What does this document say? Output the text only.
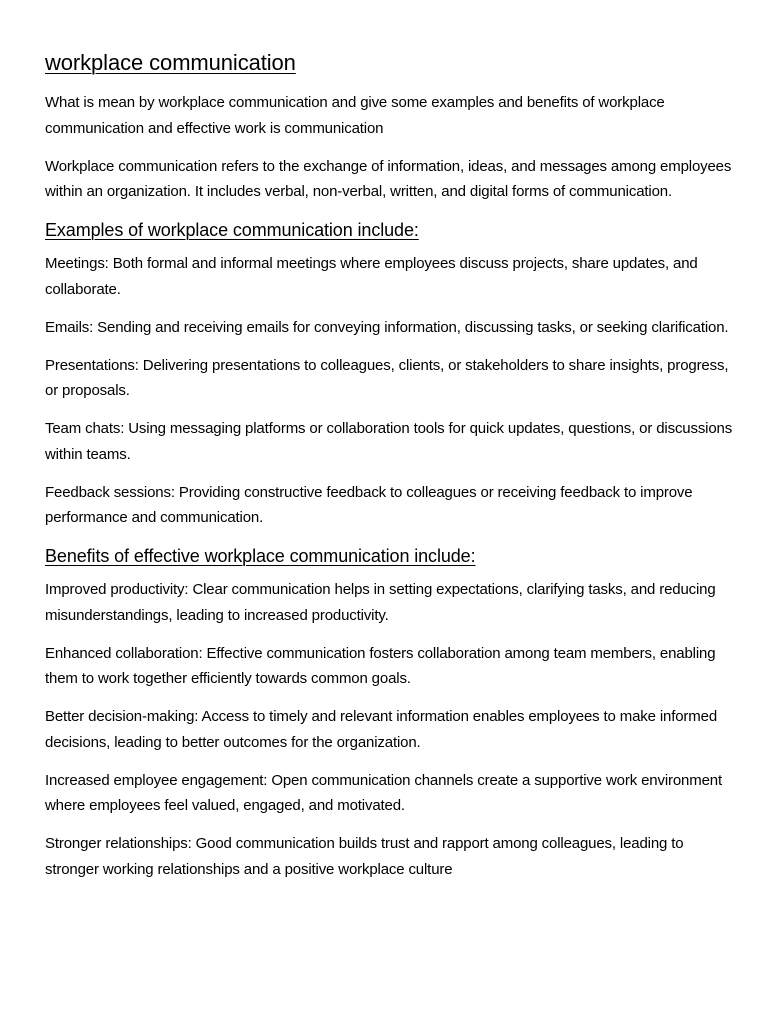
workplace communication

What is mean by workplace communication and give some examples and benefits of workplace communication and effective work is communication

Workplace communication refers to the exchange of information, ideas, and messages among employees within an organization. It includes verbal, non-verbal, written, and digital forms of communication.

Examples of workplace communication include:

Meetings: Both formal and informal meetings where employees discuss projects, share updates, and collaborate.

Emails: Sending and receiving emails for conveying information, discussing tasks, or seeking clarification.

Presentations: Delivering presentations to colleagues, clients, or stakeholders to share insights, progress, or proposals.

Team chats: Using messaging platforms or collaboration tools for quick updates, questions, or discussions within teams.

Feedback sessions: Providing constructive feedback to colleagues or receiving feedback to improve performance and communication.

Benefits of effective workplace communication include:

Improved productivity: Clear communication helps in setting expectations, clarifying tasks, and reducing misunderstandings, leading to increased productivity.

Enhanced collaboration: Effective communication fosters collaboration among team members, enabling them to work together efficiently towards common goals.

Better decision-making: Access to timely and relevant information enables employees to make informed decisions, leading to better outcomes for the organization.

Increased employee engagement: Open communication channels create a supportive work environment where employees feel valued, engaged, and motivated.

Stronger relationships: Good communication builds trust and rapport among colleagues, leading to stronger working relationships and a positive workplace culture
